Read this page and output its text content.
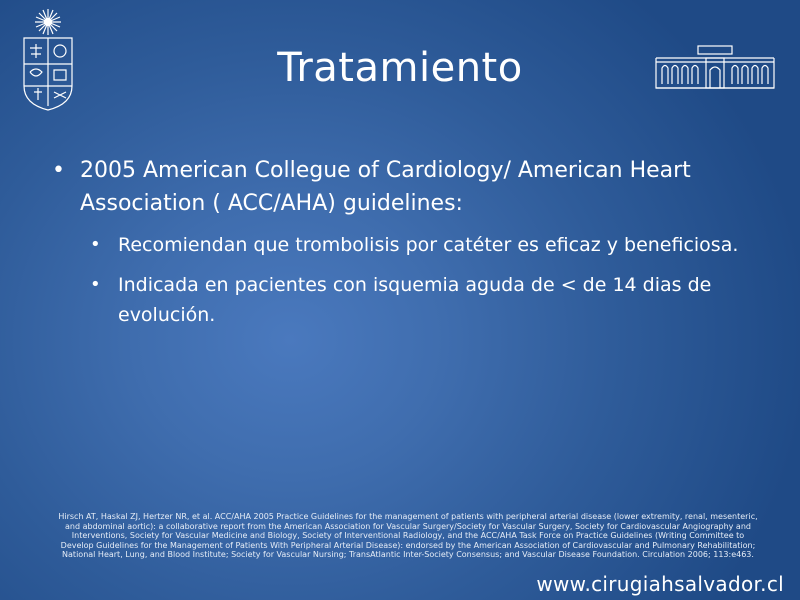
Tratamiento
• 2005 American Collegue of Cardiology/ American Heart Association ( ACC/AHA) guidelines:
• Recomiendan que trombolisis por catéter es eficaz y beneficiosa.
• Indicada en pacientes con isquemia aguda de < de 14 dias de evolución.
Hirsch AT, Haskal ZJ, Hertzer NR, et al. ACC/AHA 2005 Practice Guidelines for the management of patients with peripheral arterial disease (lower extremity, renal, mesenteric, and abdominal aortic): a collaborative report from the American Association for Vascular Surgery/Society for Vascular Surgery, Society for Cardiovascular Angiography and Interventions, Society for Vascular Medicine and Biology, Society of Interventional Radiology, and the ACC/AHA Task Force on Practice Guidelines (Writing Committee to Develop Guidelines for the Management of Patients With Peripheral Arterial Disease): endorsed by the American Association of Cardiovascular and Pulmonary Rehabilitation; National Heart, Lung, and Blood Institute; Society for Vascular Nursing; TransAtlantic Inter-Society Consensus; and Vascular Disease Foundation. Circulation 2006; 113:e463.
www.cirugiahsalvador.cl
